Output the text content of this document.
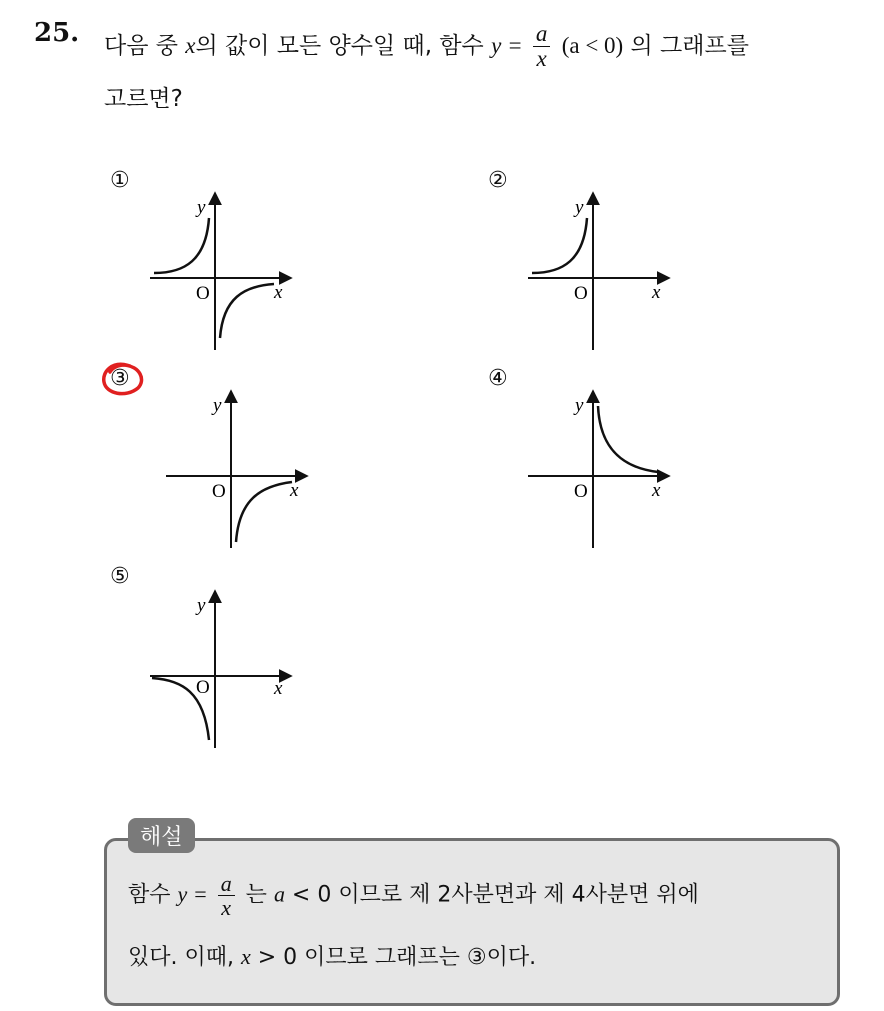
25. 다음 중 x의 값이 모든 양수일 때, 함수 $y = \frac{a}{x} (a < 0)$ 의 그래프를
고르면?
①	②
③	④
⑤
y
O	x
y
O	x
y
O	x
y
O	x
y
O	x
해설
함수 $y = \frac{a}{x}$ 는 a < 0 이므로 제 2사분면과 제 4사분면 위에
있다. 이때, x > 0 이므로 그래프는 ③이다.
